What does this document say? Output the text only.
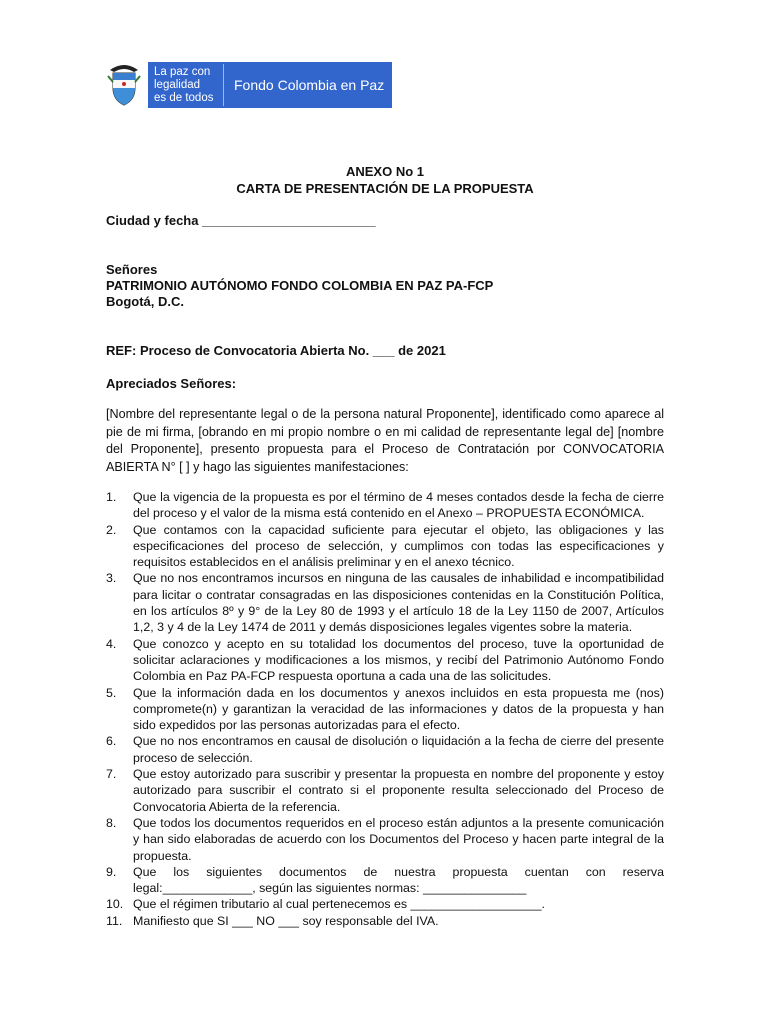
La paz con
legalidad
es de todos
Fondo Colombia en Paz
ANEXO No 1
CARTA DE PRESENTACIÓN DE LA PROPUESTA
Ciudad y fecha ________________________
Señores
PATRIMONIO AUTÓNOMO FONDO COLOMBIA EN PAZ PA-FCP
Bogotá, D.C.
REF: Proceso de Convocatoria Abierta No. ___ de 2021
Apreciados Señores:
[Nombre del representante legal o de la persona natural Proponente], identificado como aparece al pie de mi firma, [obrando en mi propio nombre o en mi calidad de representante legal de] [nombre del Proponente], presento propuesta para el Proceso de Contratación por CONVOCATORIA ABIERTA N° [ ] y hago las siguientes manifestaciones:
1. Que la vigencia de la propuesta es por el término de 4 meses contados desde la fecha de cierre del proceso y el valor de la misma está contenido en el Anexo – PROPUESTA ECONÓMICA.
2. Que contamos con la capacidad suficiente para ejecutar el objeto, las obligaciones y las especificaciones del proceso de selección, y cumplimos con todas las especificaciones y requisitos establecidos en el análisis preliminar y en el anexo técnico.
3. Que no nos encontramos incursos en ninguna de las causales de inhabilidad e incompatibilidad para licitar o contratar consagradas en las disposiciones contenidas en la Constitución Política, en los artículos 8º y 9° de la Ley 80 de 1993 y el artículo 18 de la Ley 1150 de 2007, Artículos 1,2, 3 y 4 de la Ley 1474 de 2011 y demás disposiciones legales vigentes sobre la materia.
4. Que conozco y acepto en su totalidad los documentos del proceso, tuve la oportunidad de solicitar aclaraciones y modificaciones a los mismos, y recibí del Patrimonio Autónomo Fondo Colombia en Paz PA-FCP respuesta oportuna a cada una de las solicitudes.
5. Que la información dada en los documentos y anexos incluidos en esta propuesta me (nos) compromete(n) y garantizan la veracidad de las informaciones y datos de la propuesta y han sido expedidos por las personas autorizadas para el efecto.
6. Que no nos encontramos en causal de disolución o liquidación a la fecha de cierre del presente proceso de selección.
7. Que estoy autorizado para suscribir y presentar la propuesta en nombre del proponente y estoy autorizado para suscribir el contrato si el proponente resulta seleccionado del Proceso de Convocatoria Abierta de la referencia.
8. Que todos los documentos requeridos en el proceso están adjuntos a la presente comunicación y han sido elaboradas de acuerdo con los Documentos del Proceso y hacen parte integral de la propuesta.
9. Que los siguientes documentos de nuestra propuesta cuentan con reserva legal:_____________, según las siguientes normas: _______________
10. Que el régimen tributario al cual pertenecemos es ___________________.
11. Manifiesto que SI ___ NO ___ soy responsable del IVA.
